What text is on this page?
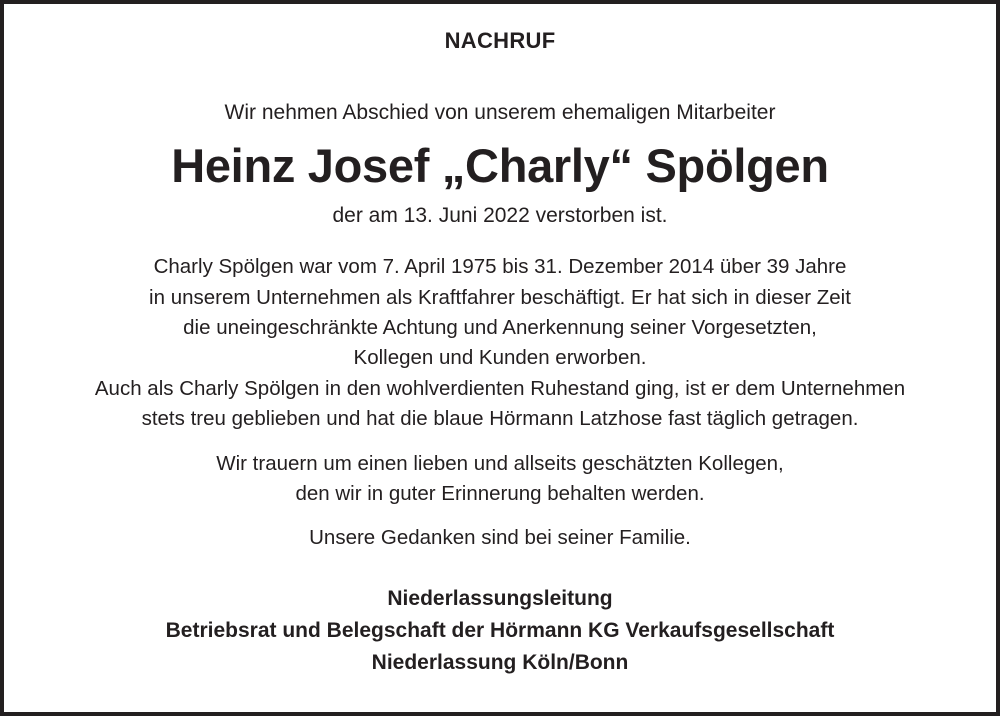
NACHRUF
Wir nehmen Abschied von unserem ehemaligen Mitarbeiter
Heinz Josef „Charly“ Spölgen
der am 13. Juni 2022 verstorben ist.
Charly Spölgen war vom 7. April 1975 bis 31. Dezember 2014 über 39 Jahre
in unserem Unternehmen als Kraftfahrer beschäftigt. Er hat sich in dieser Zeit
die uneingeschränkte Achtung und Anerkennung seiner Vorgesetzten,
Kollegen und Kunden erworben.
Auch als Charly Spölgen in den wohlverdienten Ruhestand ging, ist er dem Unternehmen
stets treu geblieben und hat die blaue Hörmann Latzhose fast täglich getragen.
Wir trauern um einen lieben und allseits geschätzten Kollegen,
den wir in guter Erinnerung behalten werden.
Unsere Gedanken sind bei seiner Familie.
Niederlassungsleitung
Betriebsrat und Belegschaft der Hörmann KG Verkaufsgesellschaft
Niederlassung Köln/Bonn
